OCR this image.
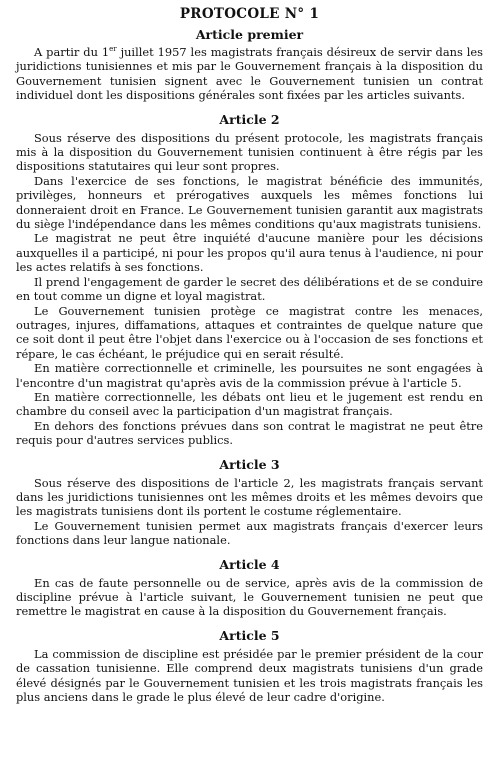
PROTOCOLE N° 1
Article premier

A partir du 1er juillet 1957 les magistrats français désireux de servir dans les juridictions tunisiennes et mis par le Gouvernement français à la disposition du Gouvernement tunisien signent avec le Gouvernement tunisien un contrat individuel dont les dispositions générales sont fixées par les articles suivants.

Article 2

Sous réserve des dispositions du présent protocole, les magistrats français mis à la disposition du Gouvernement tunisien continuent à être régis par les dispositions statutaires qui leur sont propres.

Dans l'exercice de ses fonctions, le magistrat bénéficie des immunités, privilèges, honneurs et prérogatives auxquels les mêmes fonctions lui donneraient droit en France. Le Gouvernement tunisien garantit aux magistrats du siège l'indépendance dans les mêmes conditions qu'aux magistrats tunisiens.

Le magistrat ne peut être inquiété d'aucune manière pour les décisions auxquelles il a participé, ni pour les propos qu'il aura tenus à l'audience, ni pour les actes relatifs à ses fonctions.

Il prend l'engagement de garder le secret des délibérations et de se conduire en tout comme un digne et loyal magistrat.

Le Gouvernement tunisien protège ce magistrat contre les menaces, outrages, injures, diffamations, attaques et contraintes de quelque nature que ce soit dont il peut être l'objet dans l'exercice ou à l'occasion de ses fonctions et répare, le cas échéant, le préjudice qui en serait résulté.

En matière correctionnelle et criminelle, les poursuites ne sont engagées à l'encontre d'un magistrat qu'après avis de la commission prévue à l'article 5.

En matière correctionnelle, les débats ont lieu et le jugement est rendu en chambre du conseil avec la participation d'un magistrat français.

En dehors des fonctions prévues dans son contrat le magistrat ne peut être requis pour d'autres services publics.

Article 3

Sous réserve des dispositions de l'article 2, les magistrats français servant dans les juridictions tunisiennes ont les mêmes droits et les mêmes devoirs que les magistrats tunisiens dont ils portent le costume réglementaire.

Le Gouvernement tunisien permet aux magistrats français d'exercer leurs fonctions dans leur langue nationale.

Article 4

En cas de faute personnelle ou de service, après avis de la commission de discipline prévue à l'article suivant, le Gouvernement tunisien ne peut que remettre le magistrat en cause à la disposition du Gouvernement français.

Article 5

La commission de discipline est présidée par le premier président de la cour de cassation tunisienne. Elle comprend deux magistrats tunisiens d'un grade élevé désignés par le Gouvernement tunisien et les trois magistrats français les plus anciens dans le grade le plus élevé de leur cadre d'origine.
